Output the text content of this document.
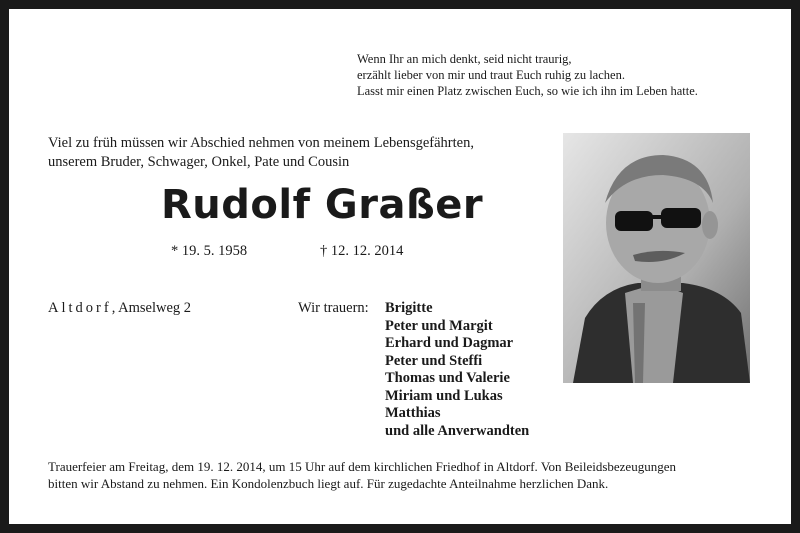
Wenn Ihr an mich denkt, seid nicht traurig,
erzählt lieber von mir und traut Euch ruhig zu lachen.
Lasst mir einen Platz zwischen Euch, so wie ich ihn im Leben hatte.
Viel zu früh müssen wir Abschied nehmen von meinem Lebensgefährten,
unserem Bruder, Schwager, Onkel, Pate und Cousin
Rudolf Graßer
* 19. 5. 1958	† 12. 12. 2014
Altdorf, Amselweg 2	Wir trauern: Brigitte
Peter und Margit
Erhard und Dagmar
Peter und Steffi
Thomas und Valerie
Miriam und Lukas
Matthias
und alle Anverwandten
Trauerfeier am Freitag, dem 19. 12. 2014, um 15 Uhr auf dem kirchlichen Friedhof in Altdorf. Von Beileidsbezeugungen
bitten wir Abstand zu nehmen. Ein Kondolenzbuch liegt auf. Für zugedachte Anteilnahme herzlichen Dank.
